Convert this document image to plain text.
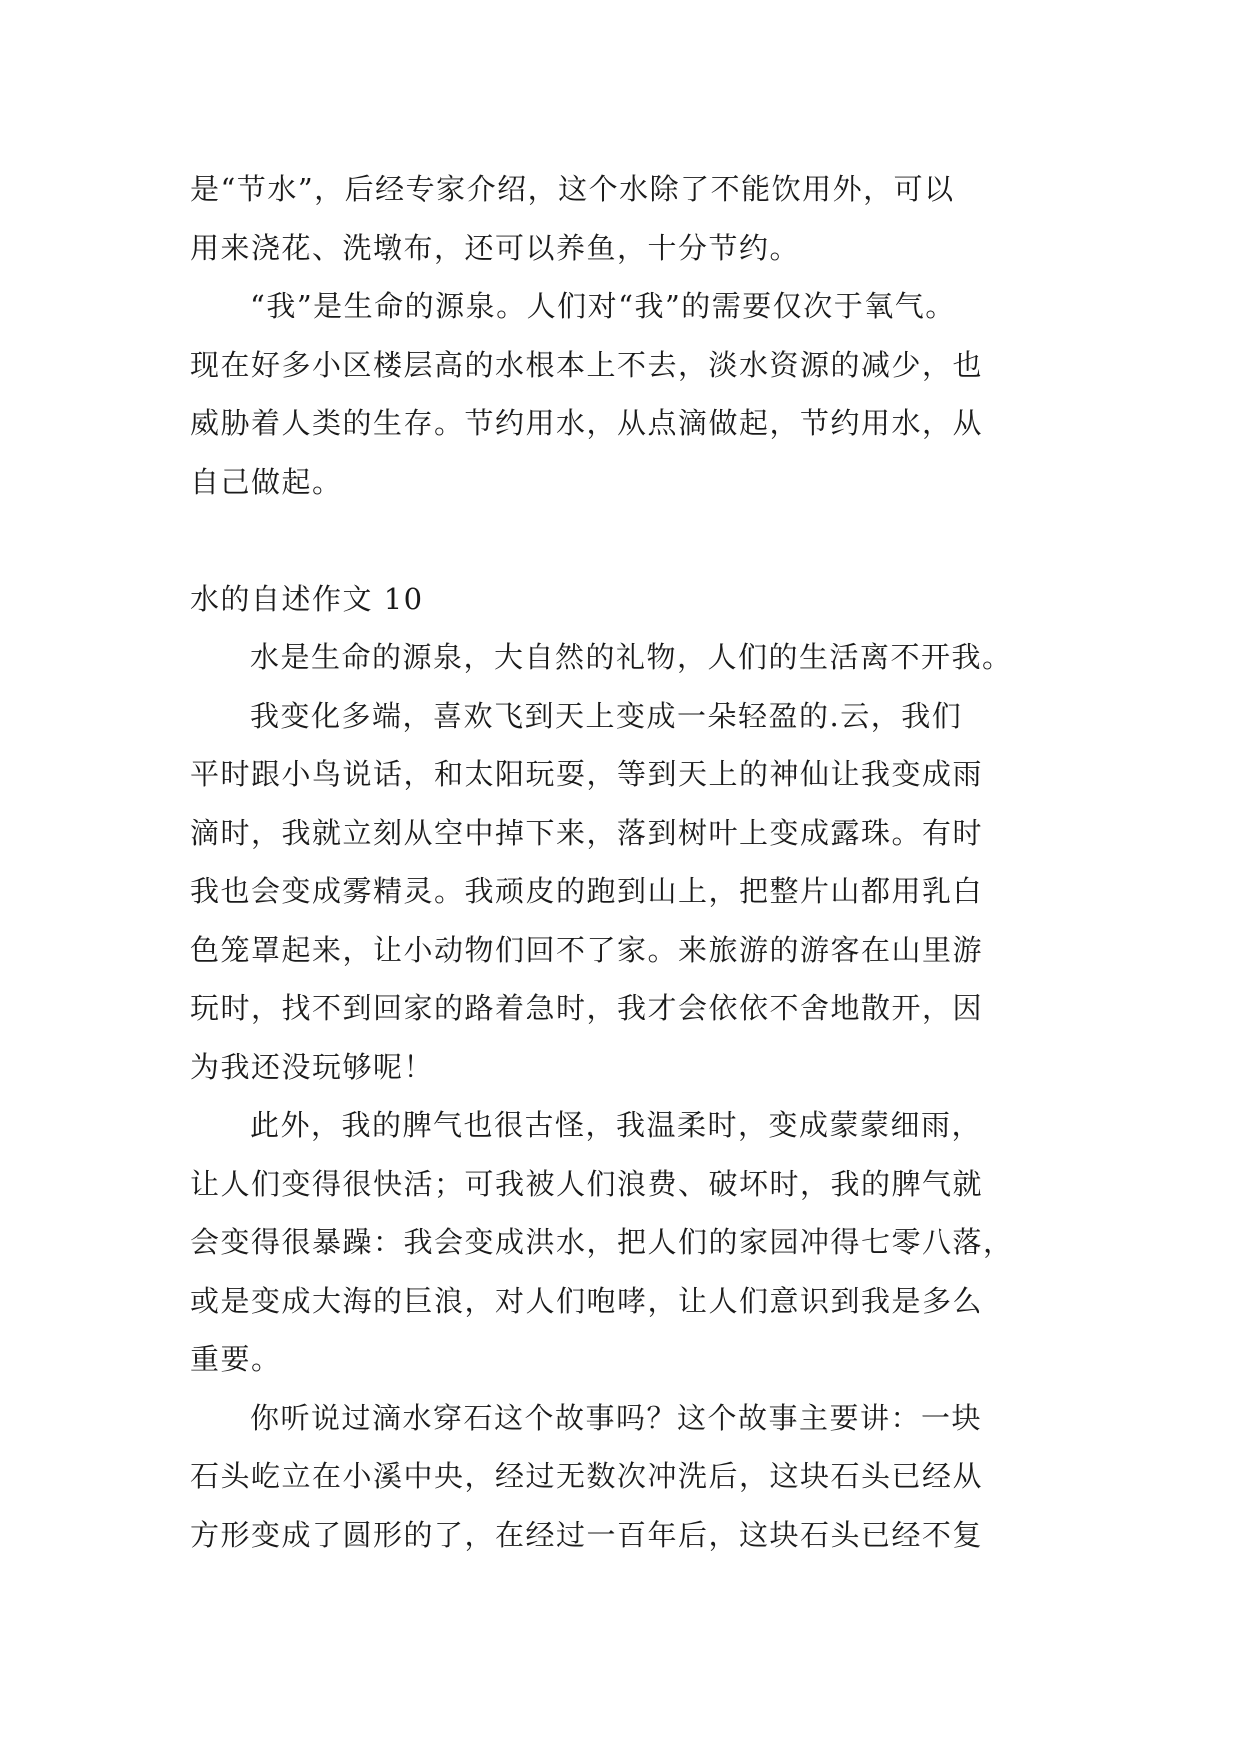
是“节水”，后经专家介绍，这个水除了不能饮用外，可以
用来浇花、洗墩布，还可以养鱼，十分节约。
“我”是生命的源泉。人们对“我”的需要仅次于氧气。
现在好多小区楼层高的水根本上不去，淡水资源的减少，也
威胁着人类的生存。节约用水，从点滴做起，节约用水，从
自己做起。
水的自述作文 10
水是生命的源泉，大自然的礼物，人们的生活离不开我。
我变化多端，喜欢飞到天上变成一朵轻盈的.云，我们
平时跟小鸟说话，和太阳玩耍，等到天上的神仙让我变成雨
滴时，我就立刻从空中掉下来，落到树叶上变成露珠。有时
我也会变成雾精灵。我顽皮的跑到山上，把整片山都用乳白
色笼罩起来，让小动物们回不了家。来旅游的游客在山里游
玩时，找不到回家的路着急时，我才会依依不舍地散开，因
为我还没玩够呢！
此外，我的脾气也很古怪，我温柔时，变成蒙蒙细雨，
让人们变得很快活；可我被人们浪费、破坏时，我的脾气就
会变得很暴躁：我会变成洪水，把人们的家园冲得七零八落，
或是变成大海的巨浪，对人们咆哮，让人们意识到我是多么
重要。
你听说过滴水穿石这个故事吗？这个故事主要讲：一块
石头屹立在小溪中央，经过无数次冲洗后，这块石头已经从
方形变成了圆形的了，在经过一百年后，这块石头已经不复
